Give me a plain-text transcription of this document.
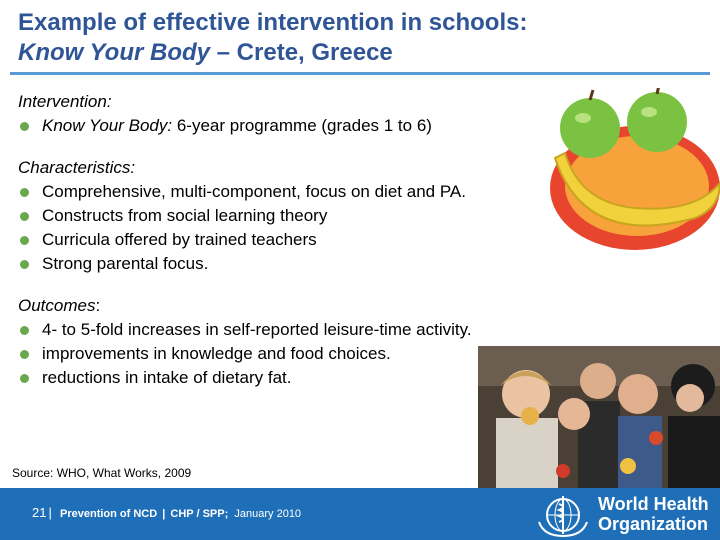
Example of effective intervention in schools:
Know Your Body – Crete, Greece
Intervention:
Know Your Body: 6-year programme (grades 1 to 6)
Characteristics:
Comprehensive, multi-component, focus on diet and PA.
Constructs from social learning theory
Curricula offered by trained teachers
Strong parental focus.
Outcomes:
4- to 5-fold increases in self-reported leisure-time activity.
improvements in knowledge and food choices.
reductions in intake of dietary fat.
Source: WHO, What Works, 2009
21 | Prevention of NCD | CHP / SPP; January 2010	World Health
Organization
